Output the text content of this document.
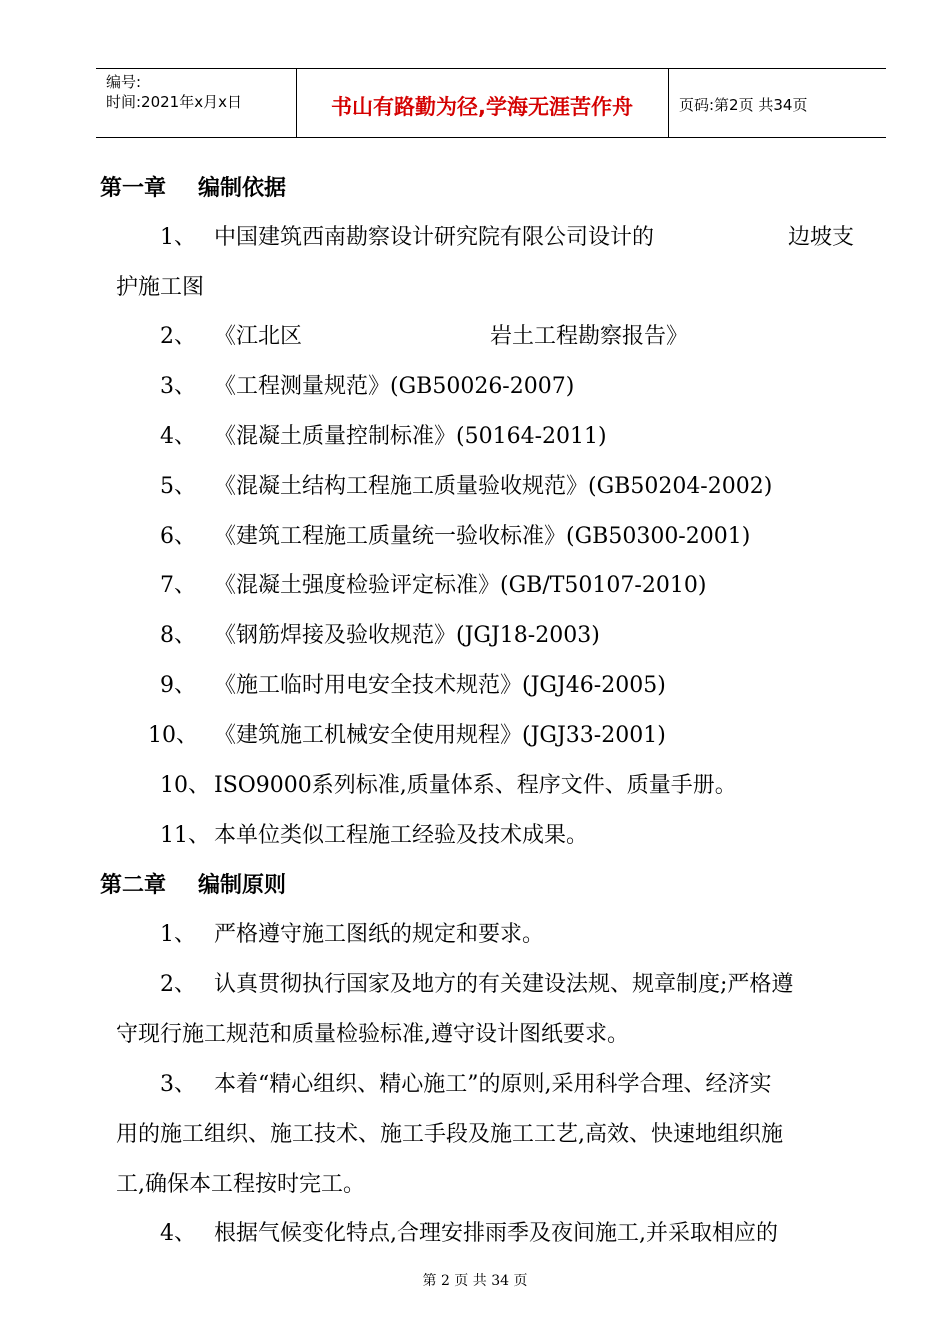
编号:
时间:2021年x月x日	书山有路勤为径,学海无涯苦作舟	页码:第2页 共34页
第一章 编制依据
1、 中国建筑西南勘察设计研究院有限公司设计的	边坡支
护施工图
2、 《江北区	岩土工程勘察报告》
3、 《工程测量规范》(GB50026-2007)
4、 《混凝土质量控制标准》(50164-2011)
5、 《混凝土结构工程施工质量验收规范》(GB50204-2002)
6、 《建筑工程施工质量统一验收标准》(GB50300-2001)
7、 《混凝土强度检验评定标准》(GB/T50107-2010)
8、 《钢筋焊接及验收规范》(JGJ18-2003)
9、 《施工临时用电安全技术规范》(JGJ46-2005)
10、 《建筑施工机械安全使用规程》(JGJ33-2001)
10、 ISO9000系列标准,质量体系、程序文件、质量手册。
11、 本单位类似工程施工经验及技术成果。
第二章 编制原则
1、 严格遵守施工图纸的规定和要求。
2、 认真贯彻执行国家及地方的有关建设法规、规章制度;严格遵
守现行施工规范和质量检验标准,遵守设计图纸要求。
3、 本着“精心组织、精心施工”的原则,采用科学合理、经济实
用的施工组织、施工技术、施工手段及施工工艺,高效、快速地组织施
工,确保本工程按时完工。
4、 根据气候变化特点,合理安排雨季及夜间施工,并采取相应的
第 2 页 共 34 页
